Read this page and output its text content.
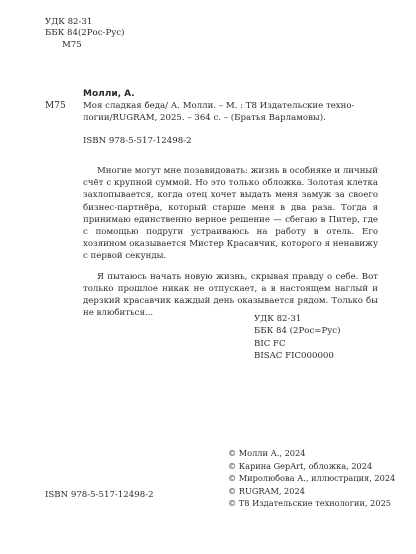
УДК 82-31
ББК 84(2Рос-Рус)
М75
М75
Молли, А.
Моя сладкая беда/ А. Молли. – М. : Т8 Издательские техно-
логии/RUGRAM, 2025. – 364 с. – (Братья Варламовы).
ISBN 978-5-517-12498-2

Многие могут мне позавидовать: жизнь в особняке и личный счёт с крупной суммой. Но это только обложка. Золотая клетка захлопывается, когда отец хочет выдать меня замуж за своего бизнес-партнёра, который старше меня в два раза. Тогда я принимаю единственно верное решение — сбегаю в Питер, где с помощью подруги устраиваюсь на работу в отель. Его хозяином оказывается Мистер Красавчик, которого я ненавижу с первой секунды.

Я пытаюсь начать новую жизнь, скрывая правду о себе. Вот только прошлое никак не отпускает, а в настоящем наглый и дерзкий красавчик каждый день оказывается рядом. Только бы не влюбиться...

УДК 82-31
ББК 84 (2Рос=Рус)
BIC FC
BISAC FIC000000
© Молли А., 2024
© Карина GepArt, обложка, 2024
© Миролюбова А., иллюстрация, 2024
© RUGRAM, 2024
© Т8 Издательские технологии, 2025
ISBN 978-5-517-12498-2
